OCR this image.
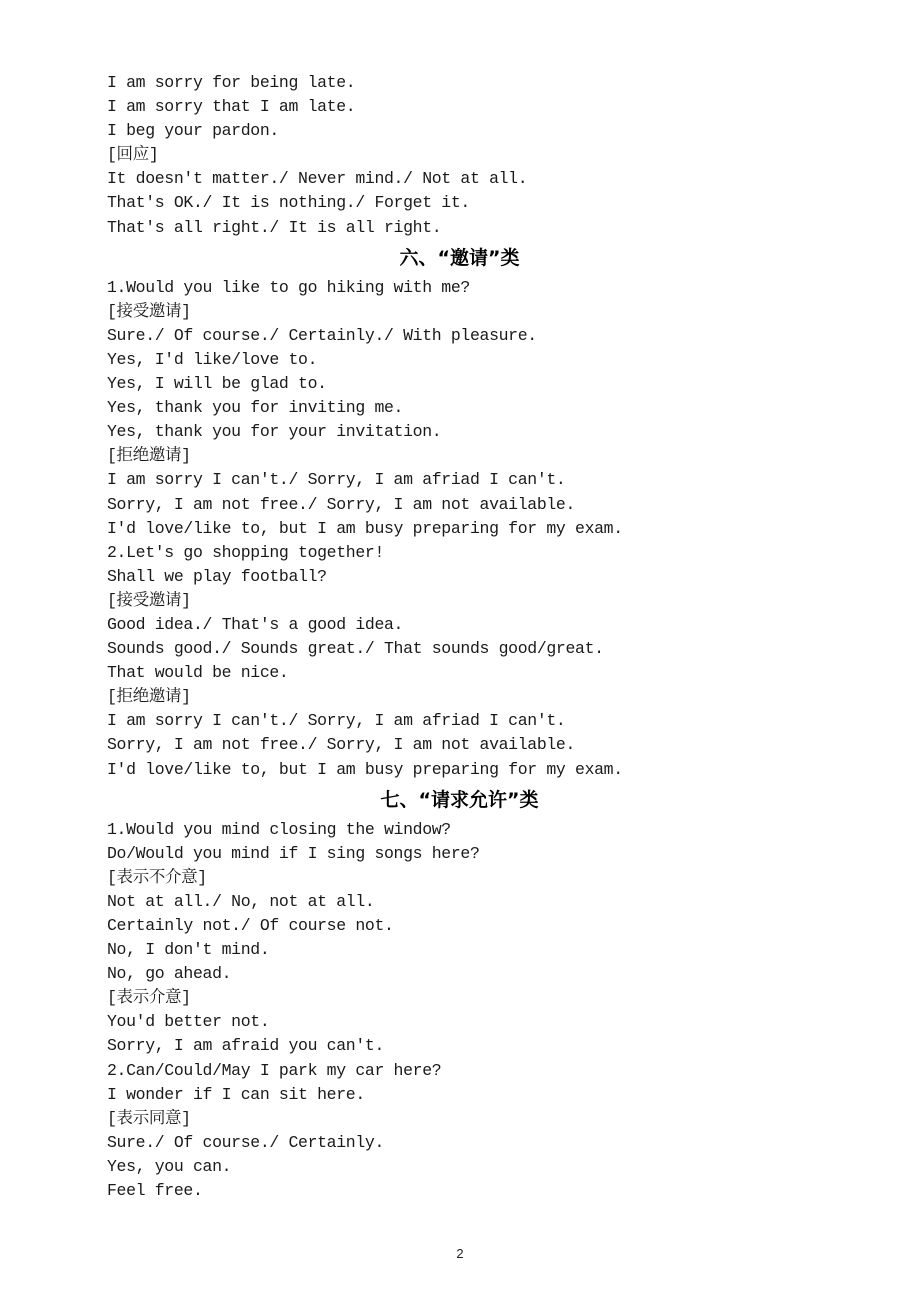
I am sorry for being late.
I am sorry that I am late.
I beg your pardon.
[回应]
It doesn't matter./ Never mind./ Not at all.
That's OK./ It is nothing./ Forget it.
That's all right./ It is all right.
六、“邀请”类
1.Would you like to go hiking with me?
[接受邀请]
Sure./ Of course./ Certainly./ With pleasure.
Yes, I'd like/love to.
Yes, I will be glad to.
Yes, thank you for inviting me.
Yes, thank you for your invitation.
[拒绝邀请]
I am sorry I can't./ Sorry, I am afriad I can't.
Sorry, I am not free./ Sorry, I am not available.
I'd love/like to, but I am busy preparing for my exam.
2.Let's go shopping together!
Shall we play football?
[接受邀请]
Good idea./ That's a good idea.
Sounds good./ Sounds great./ That sounds good/great.
That would be nice.
[拒绝邀请]
I am sorry I can't./ Sorry, I am afriad I can't.
Sorry, I am not free./ Sorry, I am not available.
I'd love/like to, but I am busy preparing for my exam.
七、“请求允许”类
1.Would you mind closing the window?
Do/Would you mind if I sing songs here?
[表示不介意]
Not at all./ No, not at all.
Certainly not./ Of course not.
No, I don't mind.
No, go ahead.
[表示介意]
You'd better not.
Sorry, I am afraid you can't.
2.Can/Could/May I park my car here?
I wonder if I can sit here.
[表示同意]
Sure./ Of course./ Certainly.
Yes, you can.
Feel free.
2
